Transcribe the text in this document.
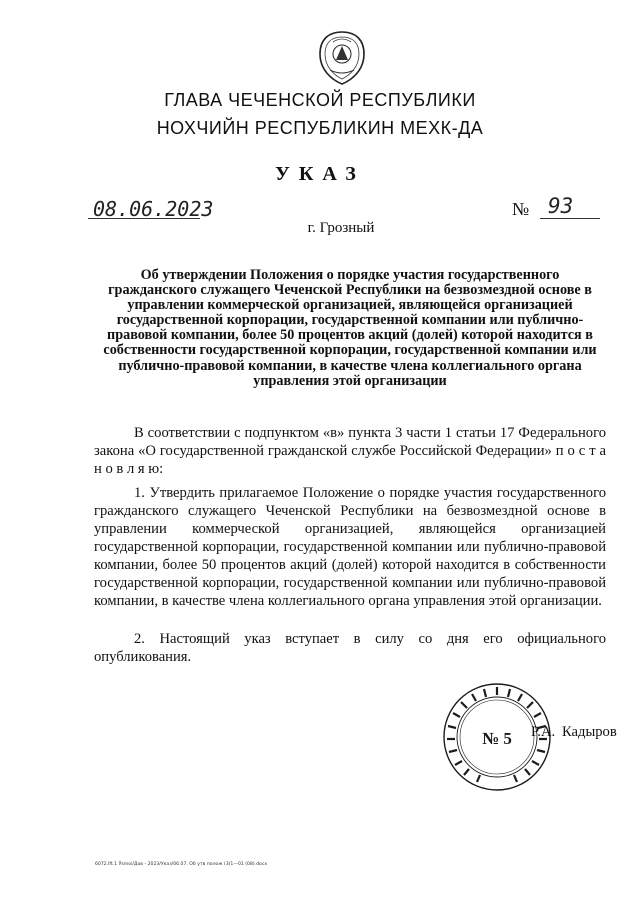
ГЛАВА ЧЕЧЕНСКОЙ РЕСПУБЛИКИ
НОХЧИЙН РЕСПУБЛИКИН МЕХК-ДА
УКАЗ
08.06.2023	№ 93
г. Грозный
Об утверждении Положения о порядке участия государственного гражданского служащего Чеченской Республики на безвозмездной основе в управлении коммерческой организацией, являющейся организацией государственной корпорации, государственной компании или публично-правовой компании, более 50 процентов акций (долей) которой находится в собственности государственной корпорации, государственной компании или публично-правовой компании, в качестве члена коллегиального органа управления этой организации
В соответствии с подпунктом «в» пункта 3 части 1 статьи 17 Федерального закона «О государственной гражданской службе Российской Федерации» п о с т а н о в л я ю:
1. Утвердить прилагаемое Положение о порядке участия государственного гражданского служащего Чеченской Республики на безвозмездной основе в управлении коммерческой организацией, являющейся организацией государственной корпорации, государственной компании или публично-правовой компании, более 50 процентов акций (долей) которой находится в собственности государственной корпорации, государственной компании или публично-правовой компании, в качестве члена коллегиального органа управления этой организации.
2. Настоящий указ вступает в силу со дня его официального опубликования.
№ 5 Р.А. Кадыров
6072.lft.1 Ўsmoi/Дов - 2023/Указ/06.07. Об утв полож (3)1—01 (08).docx
